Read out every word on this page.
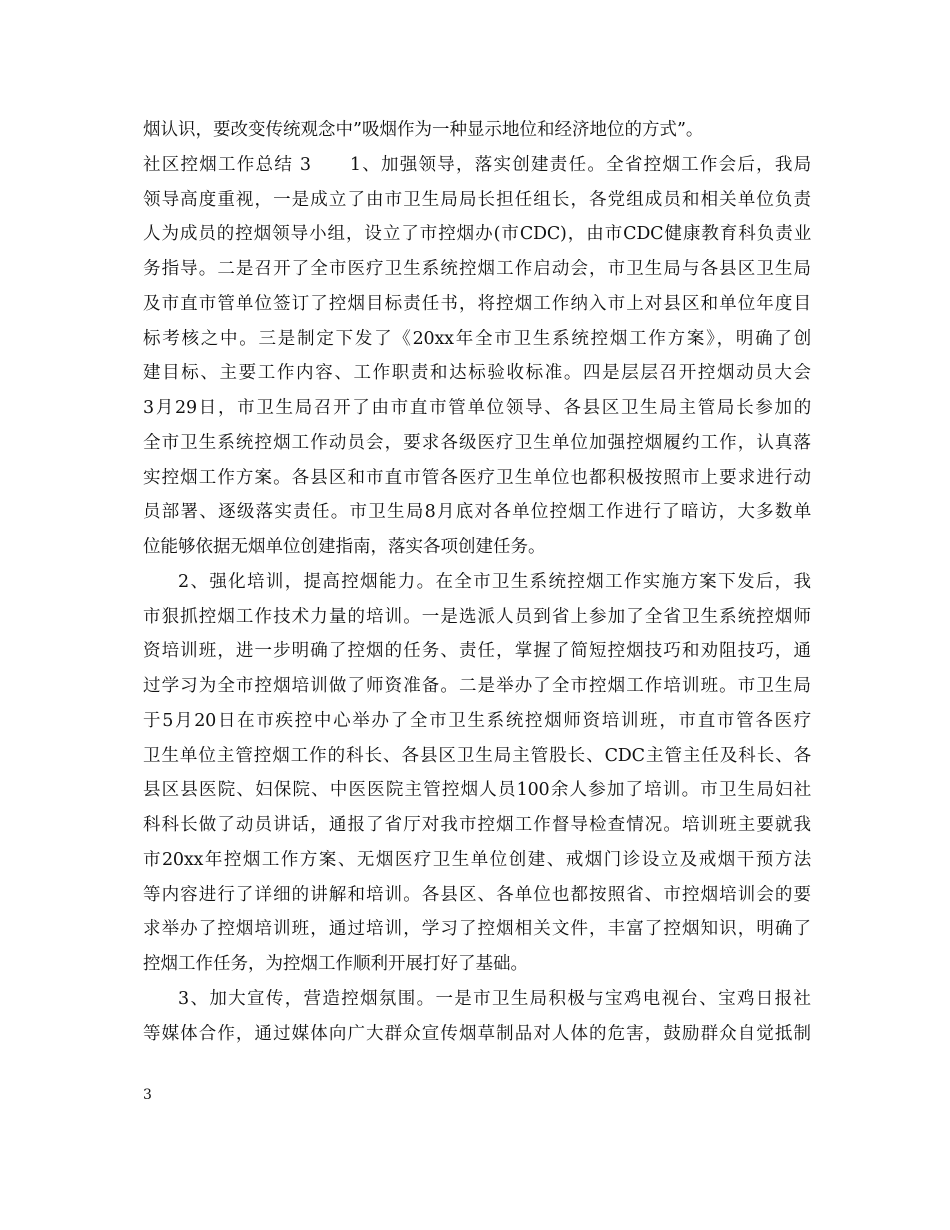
烟认识，要改变传统观念中”吸烟作为一种显示地位和经济地位的方式”。
社区控烟工作总结 3　　1、加强领导，落实创建责任。全省控烟工作会后，我局
领导高度重视，一是成立了由市卫生局局长担任组长，各党组成员和相关单位负责
人为成员的控烟领导小组，设立了市控烟办(市CDC)，由市CDC健康教育科负责业
务指导。二是召开了全市医疗卫生系统控烟工作启动会，市卫生局与各县区卫生局
及市直市管单位签订了控烟目标责任书，将控烟工作纳入市上对县区和单位年度目
标考核之中。三是制定下发了《20xx年全市卫生系统控烟工作方案》，明确了创
建目标、主要工作内容、工作职责和达标验收标准。四是层层召开控烟动员大会
3月29日，市卫生局召开了由市直市管单位领导、各县区卫生局主管局长参加的
全市卫生系统控烟工作动员会，要求各级医疗卫生单位加强控烟履约工作，认真落
实控烟工作方案。各县区和市直市管各医疗卫生单位也都积极按照市上要求进行动
员部署、逐级落实责任。市卫生局8月底对各单位控烟工作进行了暗访，大多数单
位能够依据无烟单位创建指南，落实各项创建任务。
2、强化培训，提高控烟能力。在全市卫生系统控烟工作实施方案下发后，我
市狠抓控烟工作技术力量的培训。一是选派人员到省上参加了全省卫生系统控烟师
资培训班，进一步明确了控烟的任务、责任，掌握了简短控烟技巧和劝阻技巧，通
过学习为全市控烟培训做了师资准备。二是举办了全市控烟工作培训班。市卫生局
于5月20日在市疾控中心举办了全市卫生系统控烟师资培训班，市直市管各医疗
卫生单位主管控烟工作的科长、各县区卫生局主管股长、CDC主管主任及科长、各
县区县医院、妇保院、中医医院主管控烟人员100余人参加了培训。市卫生局妇社
科科长做了动员讲话，通报了省厅对我市控烟工作督导检查情况。培训班主要就我
市20xx年控烟工作方案、无烟医疗卫生单位创建、戒烟门诊设立及戒烟干预方法
等内容进行了详细的讲解和培训。各县区、各单位也都按照省、市控烟培训会的要
求举办了控烟培训班，通过培训，学习了控烟相关文件，丰富了控烟知识，明确了
控烟工作任务，为控烟工作顺利开展打好了基础。
3、加大宣传，营造控烟氛围。一是市卫生局积极与宝鸡电视台、宝鸡日报社
等媒体合作，通过媒体向广大群众宣传烟草制品对人体的危害，鼓励群众自觉抵制
3
